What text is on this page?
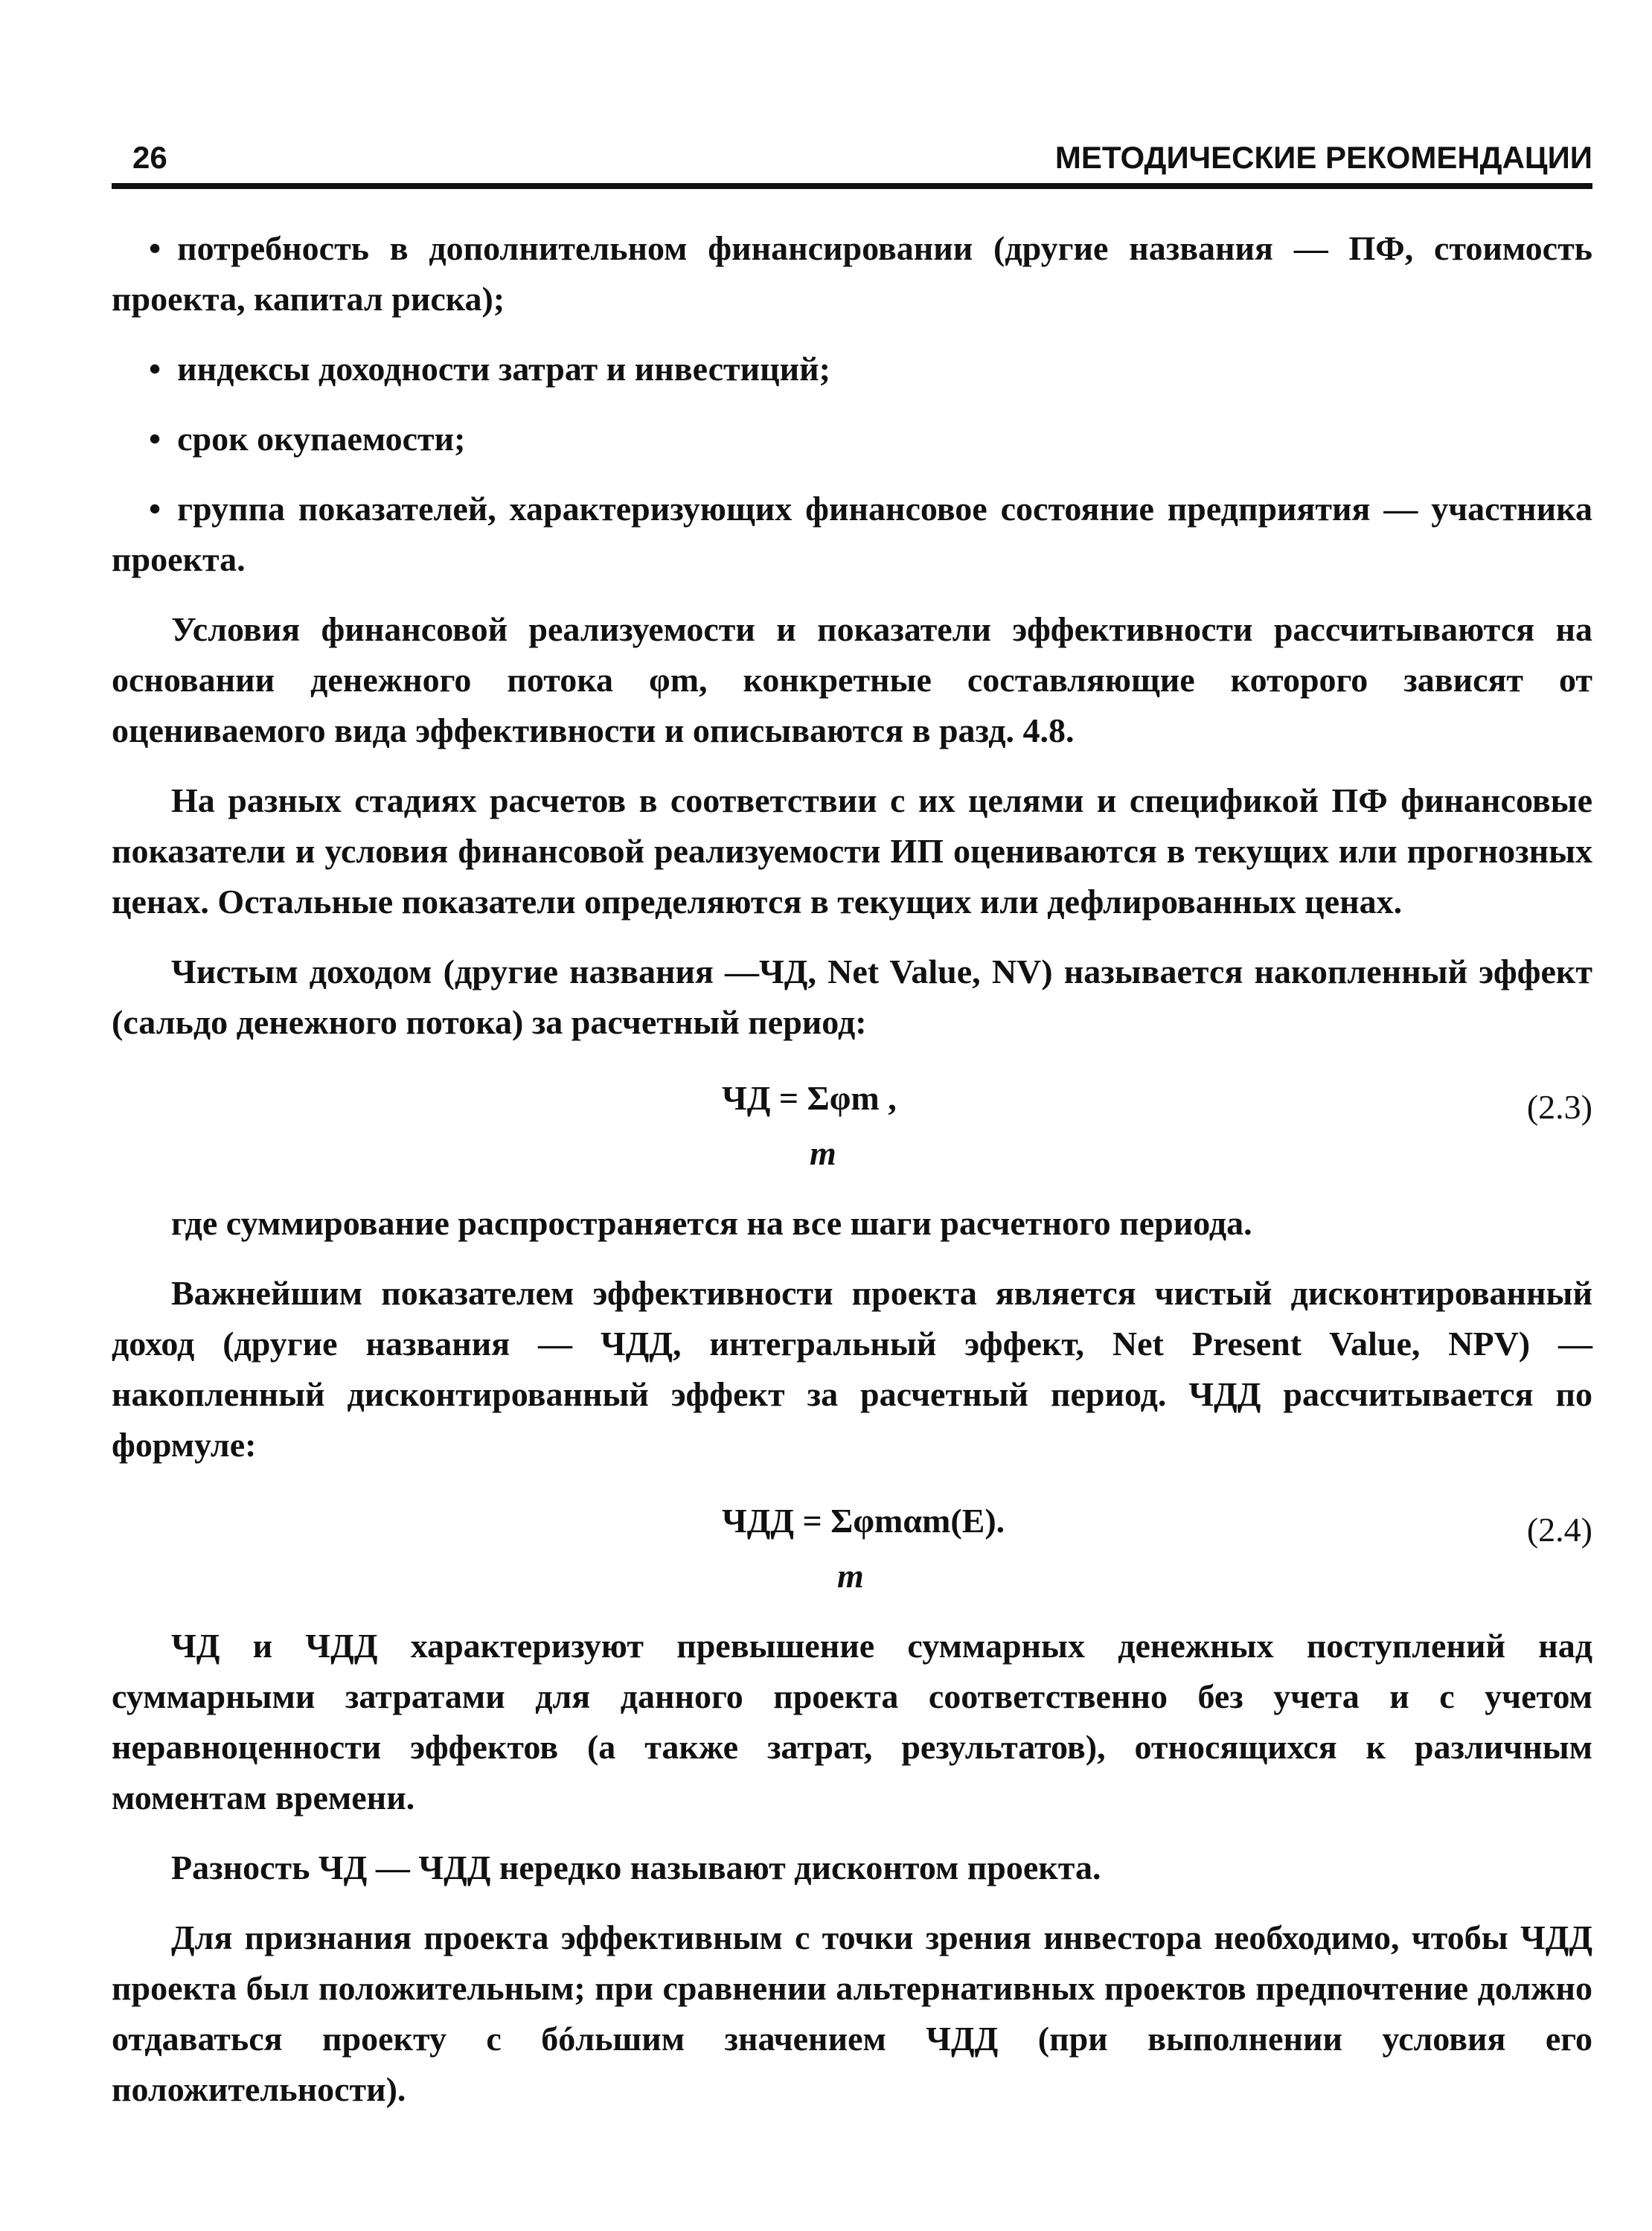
26	МЕТОДИЧЕСКИЕ РЕКОМЕНДАЦИИ

• потребность в дополнительном финансировании (другие названия — ПФ, стоимость проекта, капитал риска);

• индексы доходности затрат и инвестиций;

• срок окупаемости;

• группа показателей, характеризующих финансовое состояние предприятия — участника проекта.

Условия финансовой реализуемости и показатели эффективности рассчитываются на основании денежного потока φm, конкретные составляющие которого зависят от оцениваемого вида эффективности и описываются в разд. 4.8.

На разных стадиях расчетов в соответствии с их целями и спецификой ПФ финансовые показатели и условия финансовой реализуемости ИП оцениваются в текущих или прогнозных ценах. Остальные показатели определяются в текущих или дефлированных ценах.

Чистым доходом (другие названия —ЧД, Net Value, NV) называется накопленный эффект (сальдо денежного потока) за расчетный период:

ЧД = Σφm ,
m
(2.3)

где суммирование распространяется на все шаги расчетного периода.

Важнейшим показателем эффективности проекта является чистый дисконтированный доход (другие названия — ЧДД, интегральный эффект, Net Present Value, NPV) — накопленный дисконтированный эффект за расчетный период. ЧДД рассчитывается по формуле:

ЧДД = Σφmαm(E).
m
(2.4)

ЧД и ЧДД характеризуют превышение суммарных денежных поступлений над суммарными затратами для данного проекта соответственно без учета и с учетом неравноценности эффектов (а также затрат, результатов), относящихся к различным моментам времени.

Разность ЧД — ЧДД нередко называют дисконтом проекта.

Для признания проекта эффективным с точки зрения инвестора необходимо, чтобы ЧДД проекта был положительным; при сравнении альтернативных проектов предпочтение должно отдаваться проекту с бóльшим значением ЧДД (при выполнении условия его положительности).
